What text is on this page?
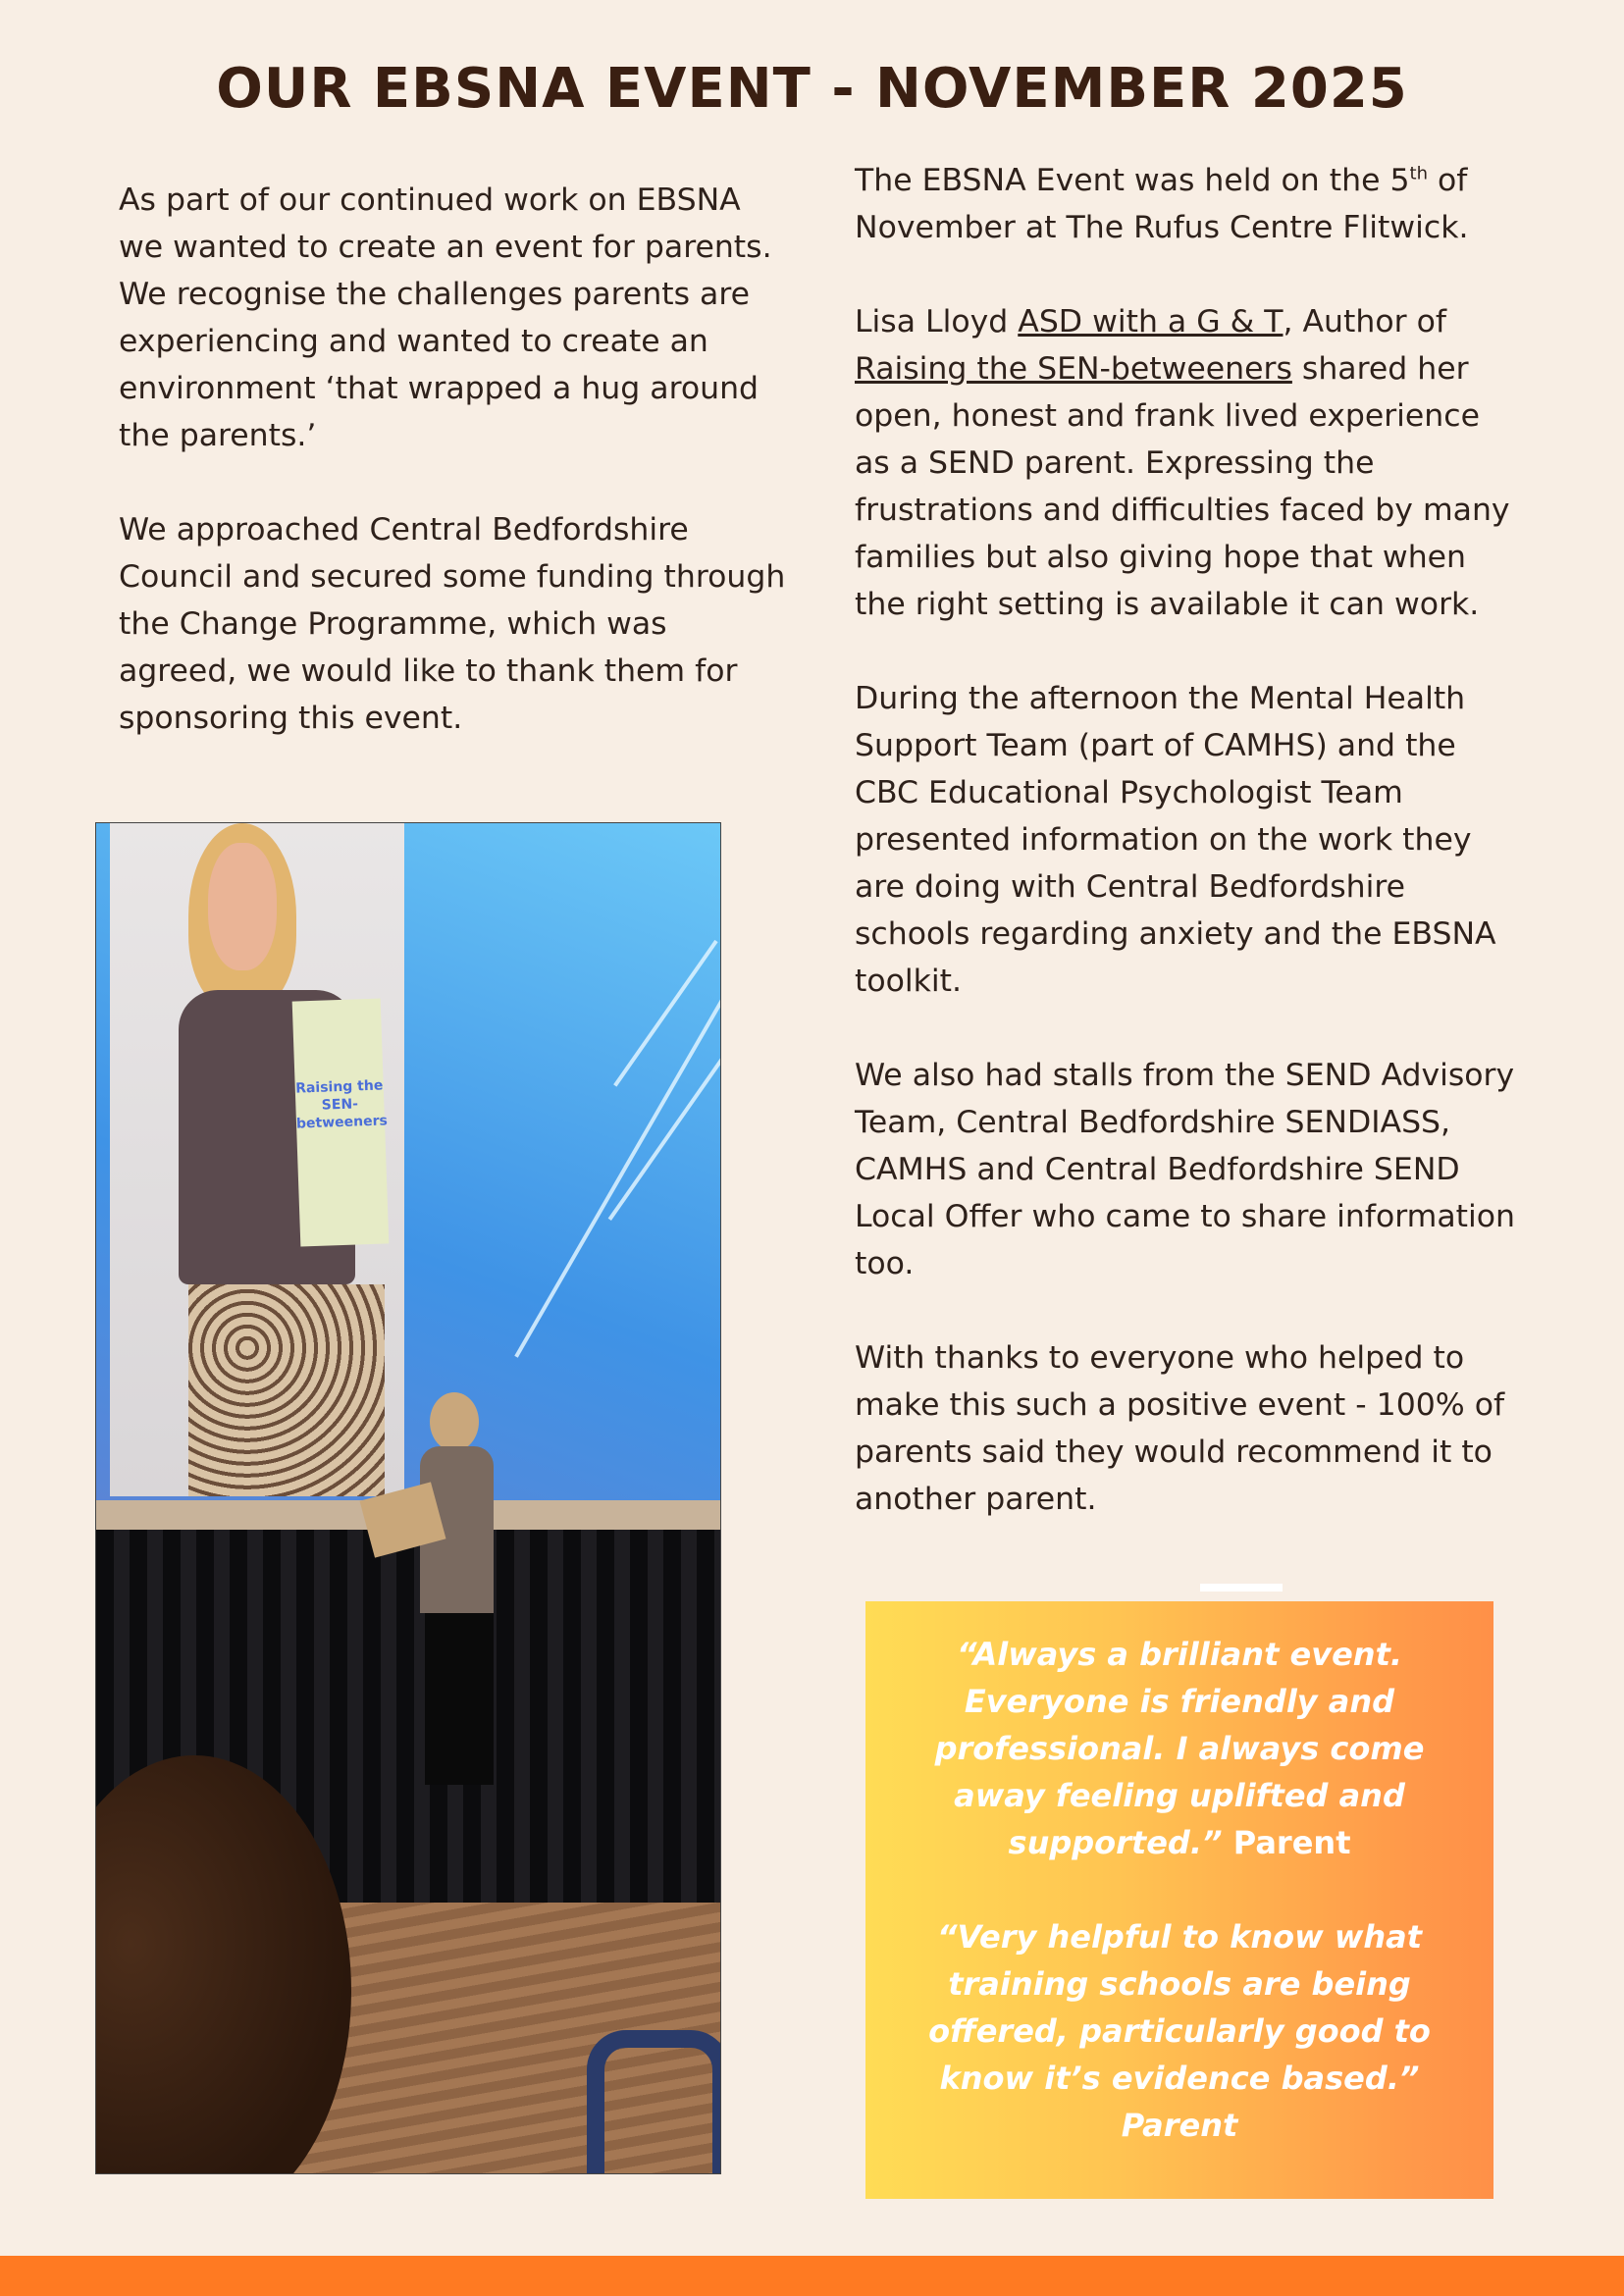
OUR EBSNA EVENT - NOVEMBER 2025

As part of our continued work on EBSNA we wanted to create an event for parents. We recognise the challenges parents are experiencing and wanted to create an environment ‘that wrapped a hug around the parents.’

We approached Central Bedfordshire Council and secured some funding through the Change Programme, which was agreed, we would like to thank them for sponsoring this event.

The EBSNA Event was held on the 5th of November at The Rufus Centre Flitwick.

Lisa Lloyd ASD with a G & T, Author of Raising the SEN-betweeners shared her open, honest and frank lived experience as a SEND parent. Expressing the frustrations and difficulties faced by many families but also giving hope that when the right setting is available it can work.

During the afternoon the Mental Health Support Team (part of CAMHS) and the CBC Educational Psychologist Team presented information on the work they are doing with Central Bedfordshire schools regarding anxiety and the EBSNA toolkit.

We also had stalls from the SEND Advisory Team, Central Bedfordshire SENDIASS, CAMHS and Central Bedfordshire SEND Local Offer who came to share information too.

With thanks to everyone who helped to make this such a positive event - 100% of parents said they would recommend it to another parent.

Raising the SEN-betweeners

“Always a brilliant event. Everyone is friendly and professional. I always come away feeling uplifted and supported.” Parent

“Very helpful to know what training schools are being offered, particularly good to know it’s evidence based.”
Parent
